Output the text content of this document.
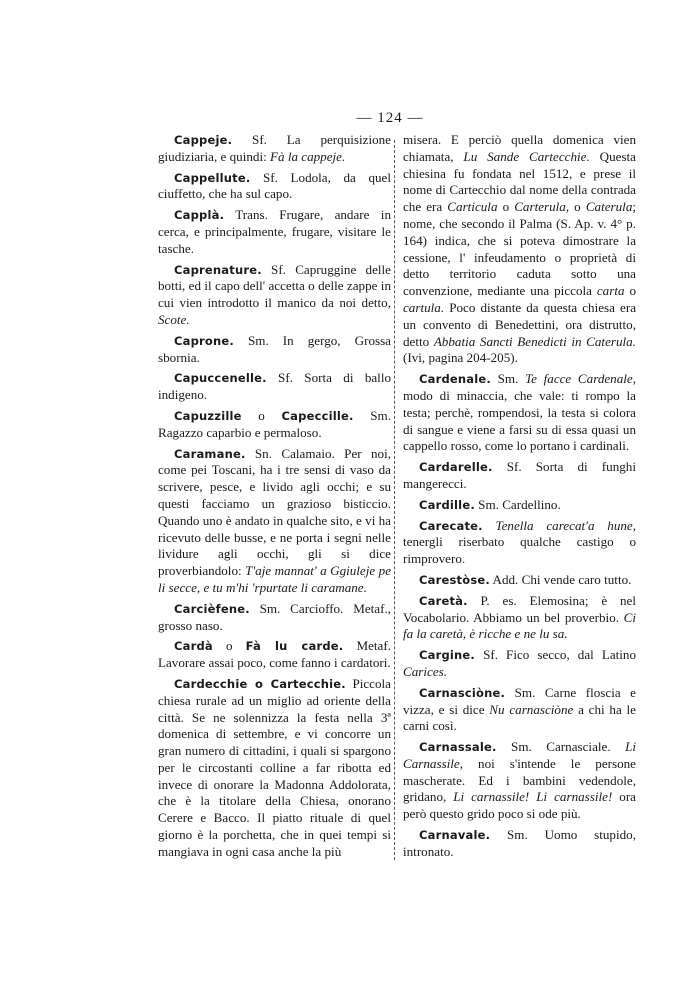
— 124 —

Cappeje. Sf. La perquisizione giudiziaria, e quindi: Fà la cappeje.

Cappellute. Sf. Lodola, da quel ciuffetto, che ha sul capo.

Capplà. Trans. Frugare, andare in cerca, e principalmente, frugare, visitare le tasche.

Caprenature. Sf. Capruggine delle botti, ed il capo dell' accetta o delle zappe in cui vien introdotto il manico da noi detto, Scote.

Caprone. Sm. In gergo, Grossa sbornia.

Capuccenelle. Sf. Sorta di ballo indigeno.

Capuzzille o Capeccille. Sm. Ragazzo caparbio e permaloso.

Caramane. Sn. Calamaio. Per noi, come pei Toscani, ha i tre sensi di vaso da scrivere, pesce, e livido agli occhi; e su questi facciamo un grazioso bisticcio. Quando uno è andato in qualche sito, e vi ha ricevuto delle busse, e ne porta i segni nelle lividure agli occhi, gli si dice proverbiandolo: T'aje mannat' a Ggiuleje pe li secce, e tu m'hi 'rpurtate li caramane.

Carcièfene. Sm. Carcioffo. Metaf., grosso naso.

Cardà o Fà lu carde. Metaf. Lavorare assai poco, come fanno i cardatori.

Cardecchie o Cartecchie. Piccola chiesa rurale ad un miglio ad oriente della città. Se ne solennizza la festa nella 3ª domenica di settembre, e vi concorre un gran numero di cittadini, i quali si spargono per le circostanti colline a far ribotta ed invece di onorare la Madonna Addolorata, che è la titolare della Chiesa, onorano Cerere e Bacco. Il piatto rituale di quel giorno è la porchetta, che in quei tempi si mangiava in ogni casa anche la più

misera. E perciò quella domenica vien chiamata, Lu Sande Cartecchie. Questa chiesina fu fondata nel 1512, e prese il nome di Cartecchio dal nome della contrada che era Carticula o Carterula, o Caterula; nome, che secondo il Palma (S. Ap. v. 4° p. 164) indica, che si poteva dimostrare la cessione, l' infeudamento o proprietà di detto territorio caduta sotto una convenzione, mediante una piccola carta o cartula. Poco distante da questa chiesa era un convento di Benedettini, ora distrutto, detto Abbatia Sancti Benedicti in Caterula. (Ivi, pagina 204-205).

Cardenale. Sm. Te facce Cardenale, modo di minaccia, che vale: ti rompo la testa; perchè, rompendosi, la testa si colora di sangue e viene a farsi su di essa quasi un cappello rosso, come lo portano i cardinali.

Cardarelle. Sf. Sorta di funghi mangerecci.

Cardille. Sm. Cardellino.

Carecate. Tenella carecat'a hune, tenergli riserbato qualche castigo o rimprovero.

Carestòse. Add. Chi vende caro tutto.

Caretà. P. es. Elemosina; è nel Vocabolario. Abbiamo un bel proverbio. Ci fa la caretà, è ricche e ne lu sa.

Cargine. Sf. Fico secco, dal Latino Carices.

Carnasciòne. Sm. Carne floscia e vizza, e si dice Nu carnasciòne a chi ha le carni così.

Carnassale. Sm. Carnasciale. Li Carnassile, noi s'intende le persone mascherate. Ed i bambini vedendole, gridano, Li carnassile! Li carnassile! ora però questo grido poco si ode più.

Carnavale. Sm. Uomo stupido, intronato.
